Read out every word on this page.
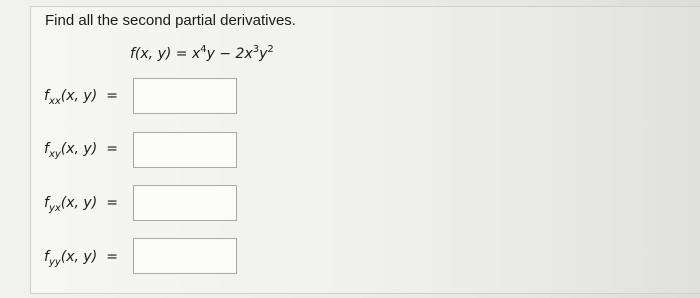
Find all the second partial derivatives.
f(x, $y) = x^4y - 2x^3y^2$
$f_{xx}(x$, y) =
$f_{xy}(x$, y) =
$f_{yx}(x$, y) =
$f_{yy}(x$, y) =
